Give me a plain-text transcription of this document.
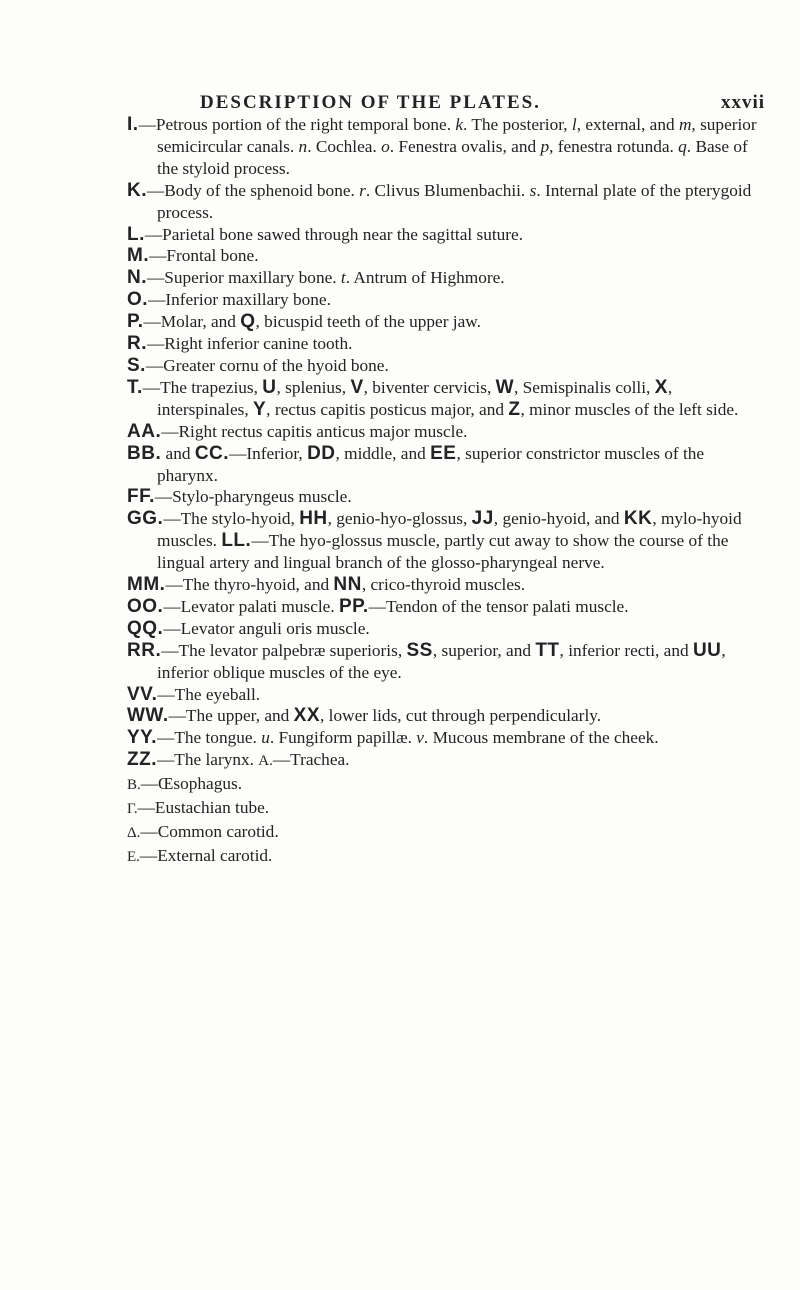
DESCRIPTION OF THE PLATES.	xxvii

I.—Petrous portion of the right temporal bone. k. The posterior, l, external, and m, superior semicircular canals. n. Cochlea. o. Fenestra ovalis, and p, fenestra rotunda. q. Base of the styloid process.

K.—Body of the sphenoid bone. r. Clivus Blumenbachii. s. Internal plate of the pterygoid process.

L.—Parietal bone sawed through near the sagittal suture.

M.—Frontal bone.

N.—Superior maxillary bone. t. Antrum of Highmore.

O.—Inferior maxillary bone.

P.—Molar, and Q, bicuspid teeth of the upper jaw.

R.—Right inferior canine tooth.

S.—Greater cornu of the hyoid bone.

T.—The trapezius, U, splenius, V, biventer cervicis, W, Semispinalis colli, X, interspinales, Y, rectus capitis posticus major, and Z, minor muscles of the left side.

AA.—Right rectus capitis anticus major muscle.

BB. and CC.—Inferior, DD, middle, and EE, superior constrictor muscles of the pharynx.

FF.—Stylo-pharyngeus muscle.

GG.—The stylo-hyoid, HH, genio-hyo-glossus, JJ, genio-hyoid, and KK, mylo-hyoid muscles. LL.—The hyo-glossus muscle, partly cut away to show the course of the lingual artery and lingual branch of the glosso-pharyngeal nerve.

MM.—The thyro-hyoid, and NN, crico-thyroid muscles.

OO.—Levator palati muscle. PP.—Tendon of the tensor palati muscle.

QQ.—Levator anguli oris muscle.

RR.—The levator palpebræ superioris, SS, superior, and TT, inferior recti, and UU, inferior oblique muscles of the eye.

VV.—The eyeball.

WW.—The upper, and XX, lower lids, cut through perpendicularly.

YY.—The tongue. u. Fungiform papillæ. v. Mucous membrane of the cheek.

ZZ.—The larynx. A.—Trachea.

B.—Œsophagus.

Γ.—Eustachian tube.

Δ.—Common carotid.

E.—External carotid.
